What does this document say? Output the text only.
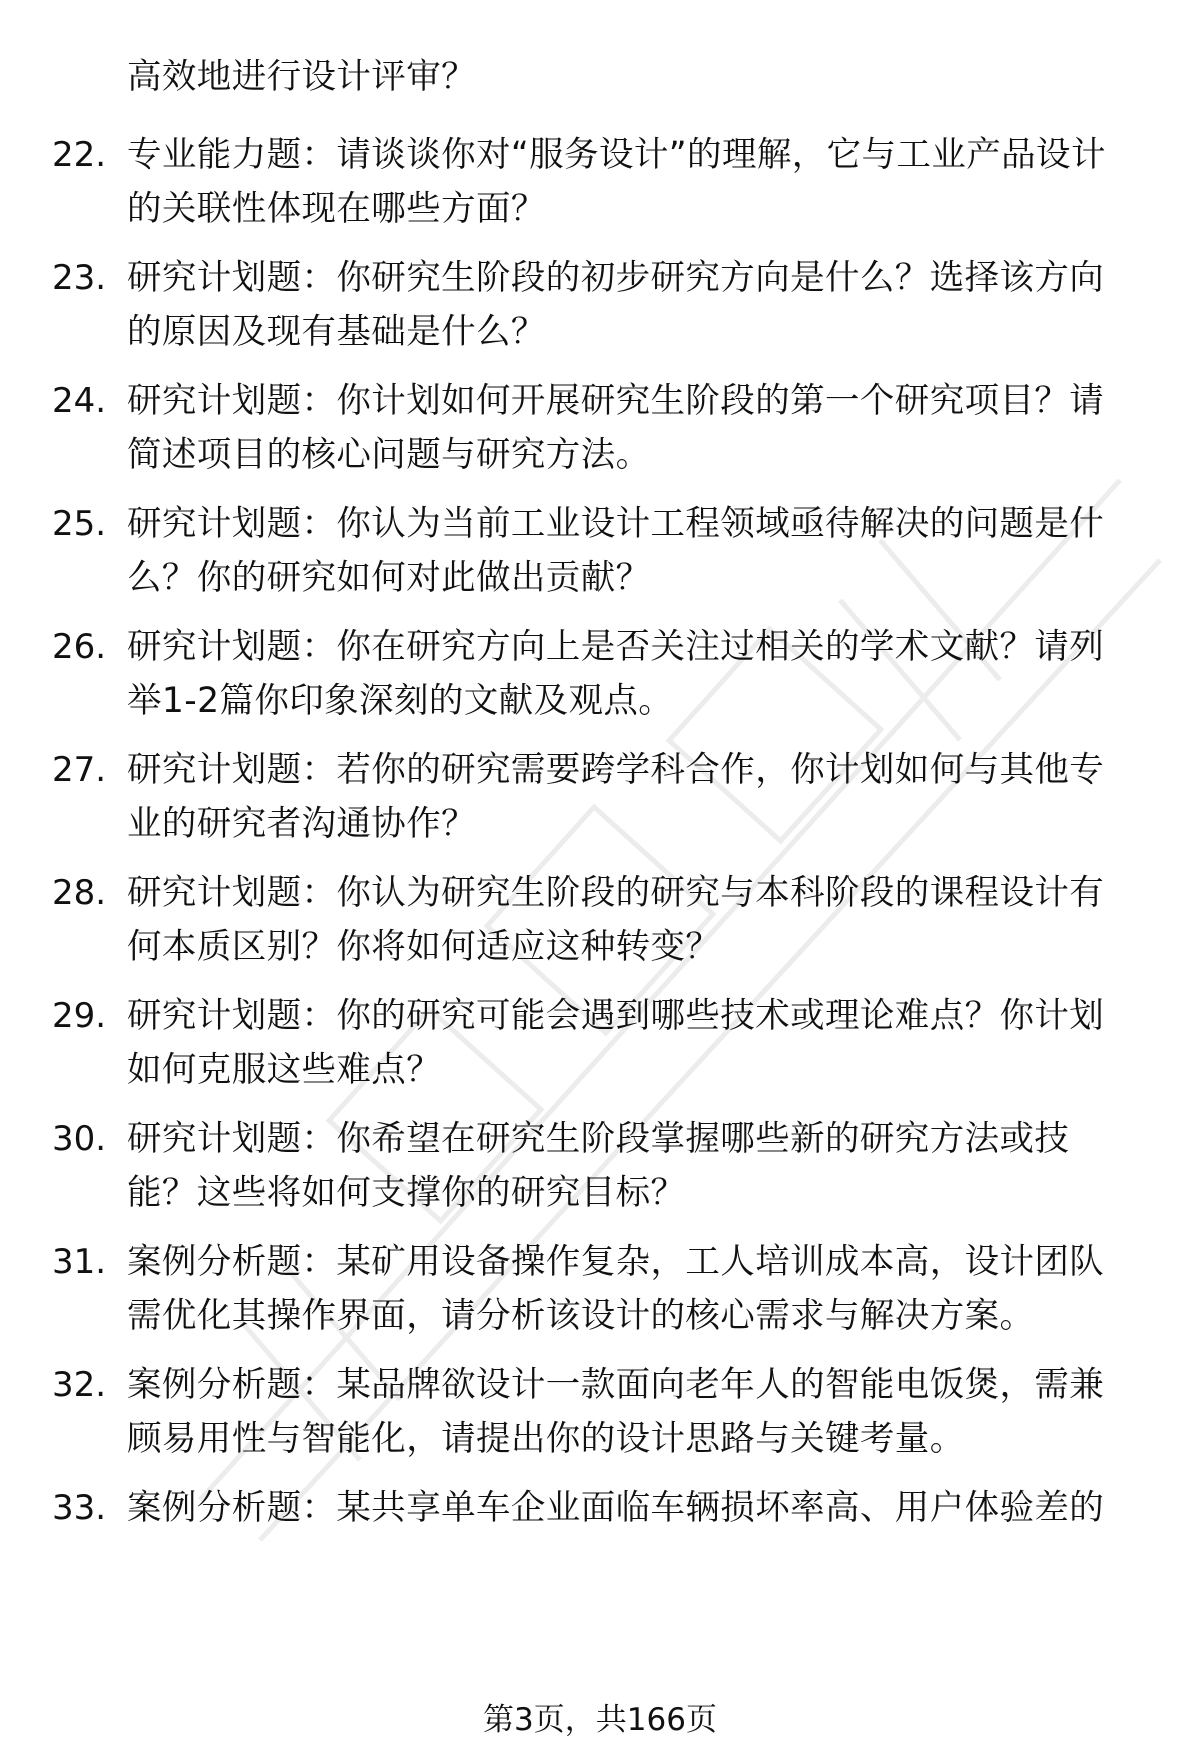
高效地进行设计评审？

22. 专业能力题：请谈谈你对“服务设计”的理解，它与工业产品设计的关联性体现在哪些方面？

23. 研究计划题：你研究生阶段的初步研究方向是什么？选择该方向的原因及现有基础是什么？

24. 研究计划题：你计划如何开展研究生阶段的第一个研究项目？请简述项目的核心问题与研究方法。

25. 研究计划题：你认为当前工业设计工程领域亟待解决的问题是什么？你的研究如何对此做出贡献？

26. 研究计划题：你在研究方向上是否关注过相关的学术文献？请列举1-2篇你印象深刻的文献及观点。

27. 研究计划题：若你的研究需要跨学科合作，你计划如何与其他专业的研究者沟通协作？

28. 研究计划题：你认为研究生阶段的研究与本科阶段的课程设计有何本质区别？你将如何适应这种转变？

29. 研究计划题：你的研究可能会遇到哪些技术或理论难点？你计划如何克服这些难点？

30. 研究计划题：你希望在研究生阶段掌握哪些新的研究方法或技能？这些将如何支撑你的研究目标？

31. 案例分析题：某矿用设备操作复杂，工人培训成本高，设计团队需优化其操作界面，请分析该设计的核心需求与解决方案。

32. 案例分析题：某品牌欲设计一款面向老年人的智能电饭煲，需兼顾易用性与智能化，请提出你的设计思路与关键考量。

33. 案例分析题：某共享单车企业面临车辆损坏率高、用户体验差的

第3页，共166页
